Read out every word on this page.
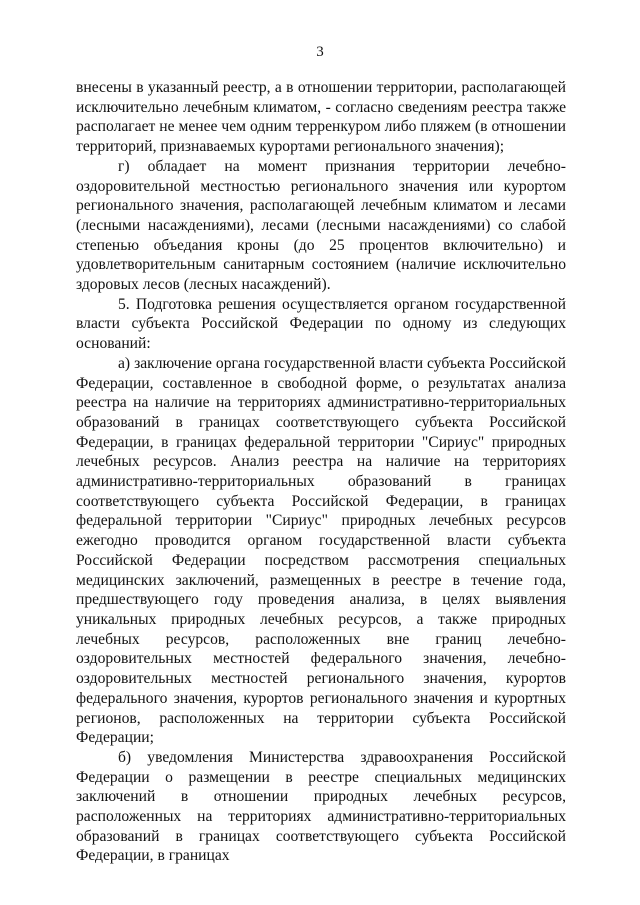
3

внесены в указанный реестр, а в отношении территории, располагающей исключительно лечебным климатом, - согласно сведениям реестра также располагает не менее чем одним терренкуром либо пляжем (в отношении территорий, признаваемых курортами регионального значения);

г) обладает на момент признания территории лечебно-оздоровительной местностью регионального значения или курортом регионального значения, располагающей лечебным климатом и лесами (лесными насаждениями), лесами (лесными насаждениями) со слабой степенью объедания кроны (до 25 процентов включительно) и удовлетворительным санитарным состоянием (наличие исключительно здоровых лесов (лесных насаждений).

5. Подготовка решения осуществляется органом государственной власти субъекта Российской Федерации по одному из следующих оснований:

а) заключение органа государственной власти субъекта Российской Федерации, составленное в свободной форме, о результатах анализа реестра на наличие на территориях административно-территориальных образований в границах соответствующего субъекта Российской Федерации, в границах федеральной территории "Сириус" природных лечебных ресурсов. Анализ реестра на наличие на территориях административно-территориальных образований в границах соответствующего субъекта Российской Федерации, в границах федеральной территории "Сириус" природных лечебных ресурсов ежегодно проводится органом государственной власти субъекта Российской Федерации посредством рассмотрения специальных медицинских заключений, размещенных в реестре в течение года, предшествующего году проведения анализа, в целях выявления уникальных природных лечебных ресурсов, а также природных лечебных ресурсов, расположенных вне границ лечебно-оздоровительных местностей федерального значения, лечебно-оздоровительных местностей регионального значения, курортов федерального значения, курортов регионального значения и курортных регионов, расположенных на территории субъекта Российской Федерации;

б) уведомления Министерства здравоохранения Российской Федерации о размещении в реестре специальных медицинских заключений в отношении природных лечебных ресурсов, расположенных на территориях административно-территориальных образований в границах соответствующего субъекта Российской Федерации, в границах
